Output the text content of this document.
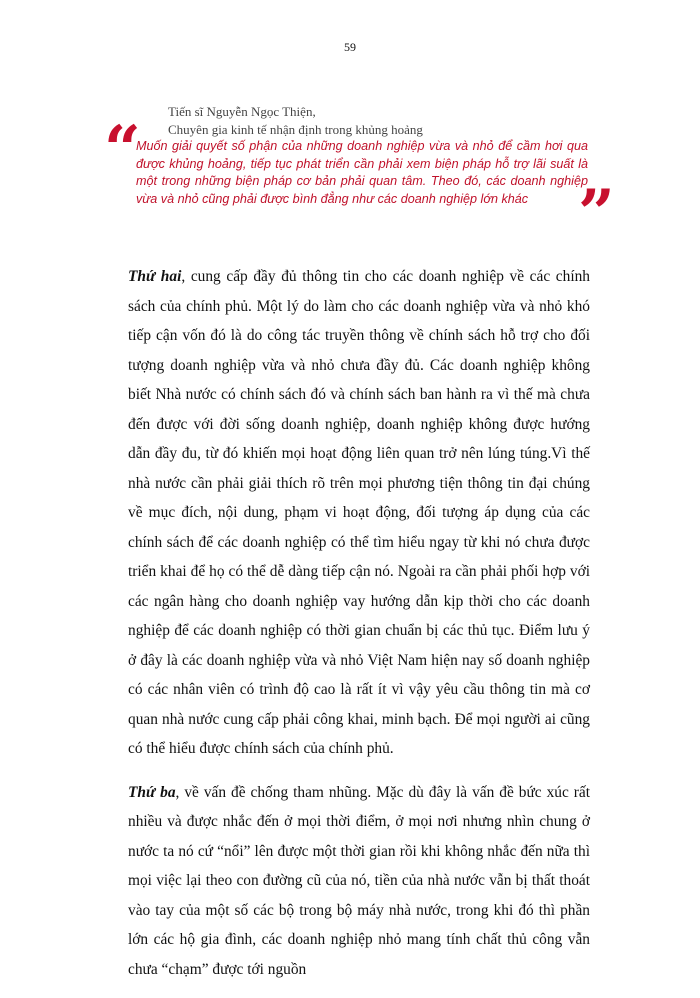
59
Tiến sĩ Nguyễn Ngọc Thiện,
Chuyên gia kinh tế nhận định trong khủng hoảng
“
Muốn giải quyết số phận của những doanh nghiệp vừa và nhỏ để cầm hơi qua được khủng hoảng, tiếp tục phát triển cần phải xem biện pháp hỗ trợ lãi suất là một trong những biện pháp cơ bản phải quan tâm. Theo đó, các doanh nghiệp vừa và nhỏ cũng phải được bình đẳng như các doanh nghiệp lớn khác ”

Thứ hai, cung cấp đầy đủ thông tin cho các doanh nghiệp về các chính sách của chính phủ. Một lý do làm cho các doanh nghiệp vừa và nhỏ khó tiếp cận vốn đó là do công tác truyền thông về chính sách hỗ trợ cho đối tượng doanh nghiệp vừa và nhỏ chưa đầy đủ. Các doanh nghiệp không biết Nhà nước có chính sách đó và chính sách ban hành ra vì thế mà chưa đến được với đời sống doanh nghiệp, doanh nghiệp không được hướng dẫn đầy đu, từ đó khiến mọi hoạt động liên quan trở nên lúng túng.Vì thế nhà nước cần phải giải thích rõ trên mọi phương tiện thông tin đại chúng về mục đích, nội dung, phạm vi hoạt động, đối tượng áp dụng của các chính sách để các doanh nghiệp có thể tìm hiểu ngay từ khi nó chưa được triển khai để họ có thể dễ dàng tiếp cận nó. Ngoài ra cần phải phối hợp với các ngân hàng cho doanh nghiệp vay hướng dẫn kịp thời cho các doanh nghiệp để các doanh nghiệp có thời gian chuẩn bị các thủ tục. Điểm lưu ý ở đây là các doanh nghiệp vừa và nhỏ Việt Nam hiện nay số doanh nghiệp có các nhân viên có trình độ cao là rất ít vì vậy yêu cầu thông tin mà cơ quan nhà nước cung cấp phải công khai, minh bạch. Để mọi người ai cũng có thể hiểu được chính sách của chính phủ.

Thứ ba, về vấn đề chống tham nhũng. Mặc dù đây là vấn đề bức xúc rất nhiều và được nhắc đến ở mọi thời điểm, ở mọi nơi nhưng nhìn chung ở nước ta nó cứ “nổi” lên được một thời gian rồi khi không nhắc đến nữa thì mọi việc lại theo con đường cũ của nó, tiền của nhà nước vẫn bị thất thoát vào tay của một số các bộ trong bộ máy nhà nước, trong khi đó thì phần lớn các hộ gia đình, các doanh nghiệp nhỏ mang tính chất thủ công vẫn chưa “chạm” được tới nguồn
